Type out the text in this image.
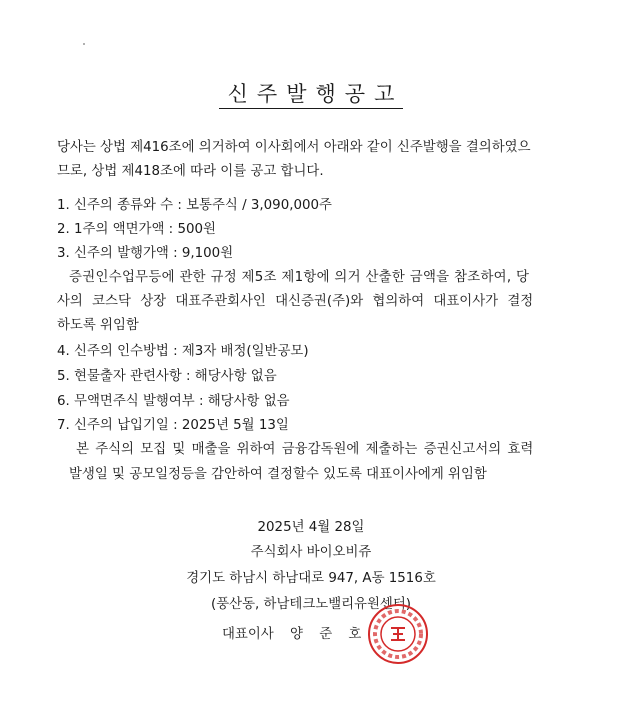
신주발행공고
당사는 상법 제416조에 의거하여 이사회에서 아래와 같이 신주발행을 결의하였으
므로, 상법 제418조에 따라 이를 공고 합니다.
1. 신주의 종류와 수 : 보통주식 / 3,090,000주
2. 1주의 액면가액 : 500원
3. 신주의 발행가액 : 9,100원
증권인수업무등에 관한 규정 제5조 제1항에 의거 산출한 금액을 참조하여, 당
사의 코스닥 상장 대표주관회사인 대신증권(주)와 협의하여 대표이사가 결정
하도록 위임함
4. 신주의 인수방법 : 제3자 배정(일반공모)
5. 현물출자 관련사항 : 해당사항 없음
6. 무액면주식 발행여부 : 해당사항 없음
7. 신주의 납입기일 : 2025년 5월 13일
본 주식의 모집 및 매출을 위하여 금융감독원에 제출하는 증권신고서의 효력
발생일 및 공모일정등을 감안하여 결정할수 있도록 대표이사에게 위임함
2025년 4월 28일
주식회사 바이오비쥬
경기도 하남시 하남대로 947, A동 1516호
(풍산동, 하남테크노밸리유원센터)
대표이사 양 준 호
